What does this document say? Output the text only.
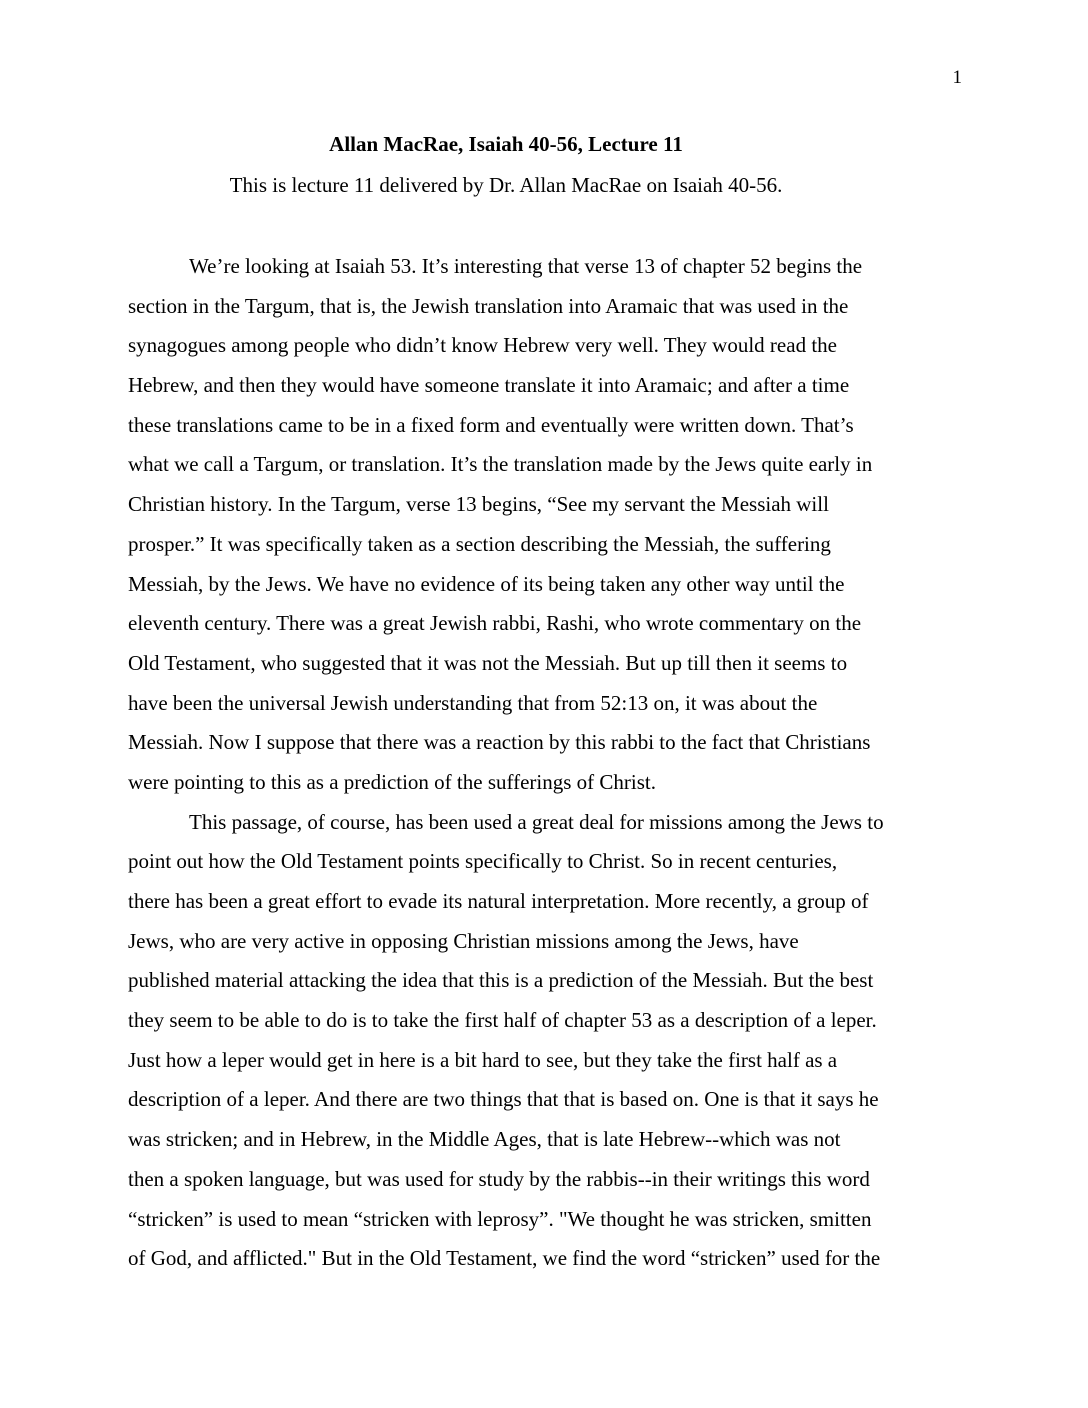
1
Allan MacRae, Isaiah 40-56, Lecture 11
This is lecture 11 delivered by Dr. Allan MacRae on Isaiah 40-56.
We’re looking at Isaiah 53. It’s interesting that verse 13 of chapter 52 begins the
section in the Targum, that is, the Jewish translation into Aramaic that was used in the
synagogues among people who didn’t know Hebrew very well. They would read the
Hebrew, and then they would have someone translate it into Aramaic; and after a time
these translations came to be in a fixed form and eventually were written down. That’s
what we call a Targum, or translation. It’s the translation made by the Jews quite early in
Christian history. In the Targum, verse 13 begins, “See my servant the Messiah will
prosper.” It was specifically taken as a section describing the Messiah, the suffering
Messiah, by the Jews. We have no evidence of its being taken any other way until the
eleventh century. There was a great Jewish rabbi, Rashi, who wrote commentary on the
Old Testament, who suggested that it was not the Messiah. But up till then it seems to
have been the universal Jewish understanding that from 52:13 on, it was about the
Messiah. Now I suppose that there was a reaction by this rabbi to the fact that Christians
were pointing to this as a prediction of the sufferings of Christ.
This passage, of course, has been used a great deal for missions among the Jews to
point out how the Old Testament points specifically to Christ. So in recent centuries,
there has been a great effort to evade its natural interpretation. More recently, a group of
Jews, who are very active in opposing Christian missions among the Jews, have
published material attacking the idea that this is a prediction of the Messiah. But the best
they seem to be able to do is to take the first half of chapter 53 as a description of a leper.
Just how a leper would get in here is a bit hard to see, but they take the first half as a
description of a leper. And there are two things that that is based on. One is that it says he
was stricken; and in Hebrew, in the Middle Ages, that is late Hebrew--which was not
then a spoken language, but was used for study by the rabbis--in their writings this word
“stricken” is used to mean “stricken with leprosy”. "We thought he was stricken, smitten
of God, and afflicted." But in the Old Testament, we find the word “stricken” used for the
